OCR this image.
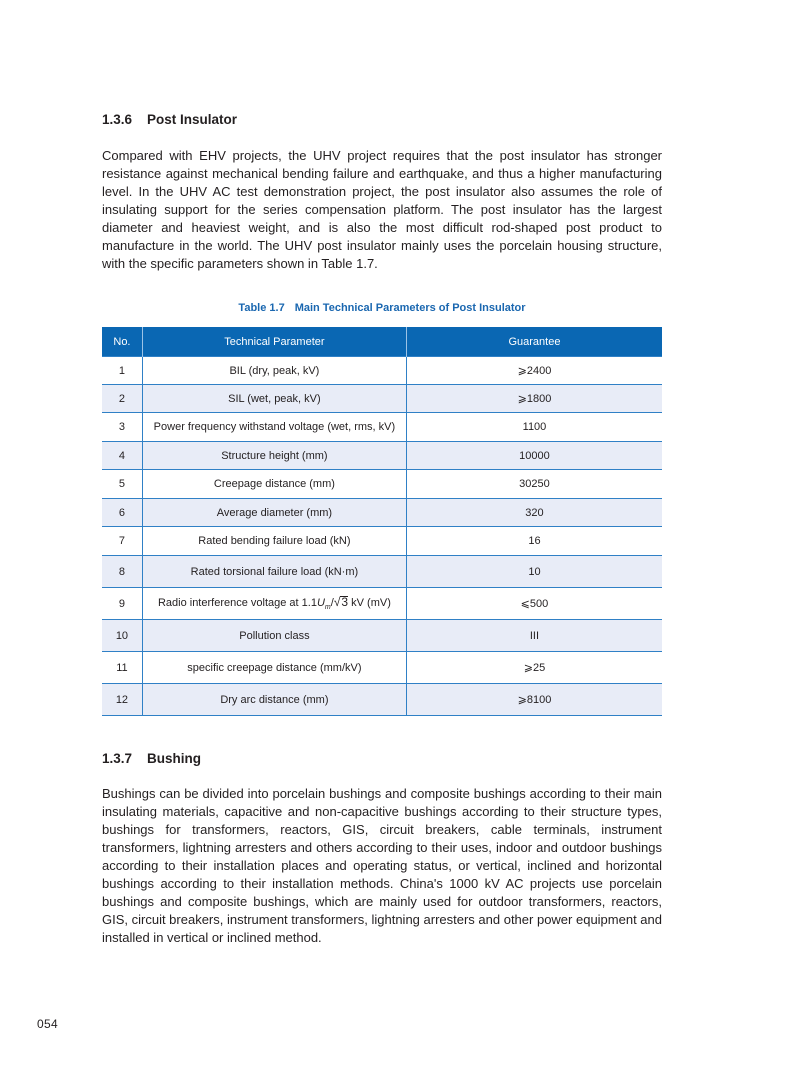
1.3.6 Post Insulator

Compared with EHV projects, the UHV project requires that the post insulator has stronger resistance against mechanical bending failure and earthquake, and thus a higher manufacturing level. In the UHV AC test demonstration project, the post insulator also assumes the role of insulating support for the series compensation platform. The post insulator has the largest diameter and heaviest weight, and is also the most difficult rod-shaped post product to manufacture in the world. The UHV post insulator mainly uses the porcelain housing structure, with the specific parameters shown in Table 1.7.

Table 1.7 Main Technical Parameters of Post Insulator
No.	Technical Parameter	Guarantee
1	BIL (dry, peak, kV)	⩾2400
2	SIL (wet, peak, kV)	⩾1800
3	Power frequency withstand voltage (wet, rms, kV)	1100
4	Structure height (mm)	10000
5	Creepage distance (mm)	30250
6	Average diameter (mm)	320
7	Rated bending failure load (kN)	16
8	Rated torsional failure load (kN·m)	10
9	Radio interference voltage at $1.1U_m/√3$ kV (mV)	⩽500
10	Pollution class	III
11	specific creepage distance (mm/kV)	⩾25
12	Dry arc distance (mm)	⩾8100
1.3.7 Bushing

Bushings can be divided into porcelain bushings and composite bushings according to their main insulating materials, capacitive and non-capacitive bushings according to their structure types, bushings for transformers, reactors, GIS, circuit breakers, cable terminals, instrument transformers, lightning arresters and others according to their uses, indoor and outdoor bushings according to their installation places and operating status, or vertical, inclined and horizontal bushings according to their installation methods. China's 1000 kV AC projects use porcelain bushings and composite bushings, which are mainly used for outdoor transformers, reactors, GIS, circuit breakers, instrument transformers, lightning arresters and other power equipment and installed in vertical or inclined method.

054
